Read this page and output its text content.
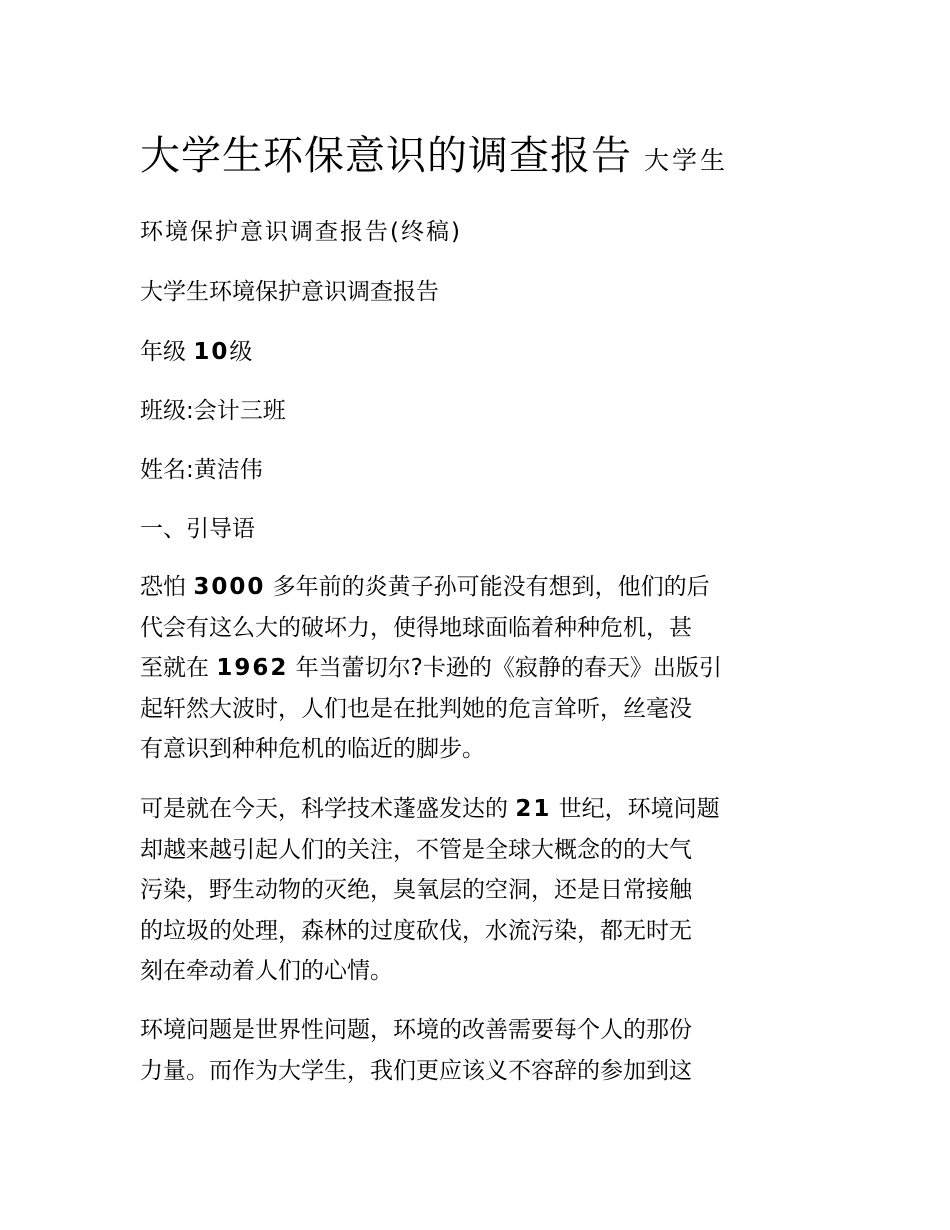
大学生环保意识的调查报告 大学生
环境保护意识调查报告(终稿)
大学生环境保护意识调查报告
年级 10级
班级:会计三班
姓名:黄洁伟
一、引导语
恐怕 3000 多年前的炎黄子孙可能没有想到，他们的后
代会有这么大的破坏力，使得地球面临着种种危机，甚
至就在 1962 年当蕾切尔?卡逊的《寂静的春天》出版引
起轩然大波时，人们也是在批判她的危言耸听，丝毫没
有意识到种种危机的临近的脚步。
可是就在今天，科学技术蓬盛发达的 21 世纪，环境问题
却越来越引起人们的关注，不管是全球大概念的的大气
污染，野生动物的灭绝，臭氧层的空洞，还是日常接触
的垃圾的处理，森林的过度砍伐，水流污染，都无时无
刻在牵动着人们的心情。
环境问题是世界性问题，环境的改善需要每个人的那份
力量。而作为大学生，我们更应该义不容辞的参加到这
